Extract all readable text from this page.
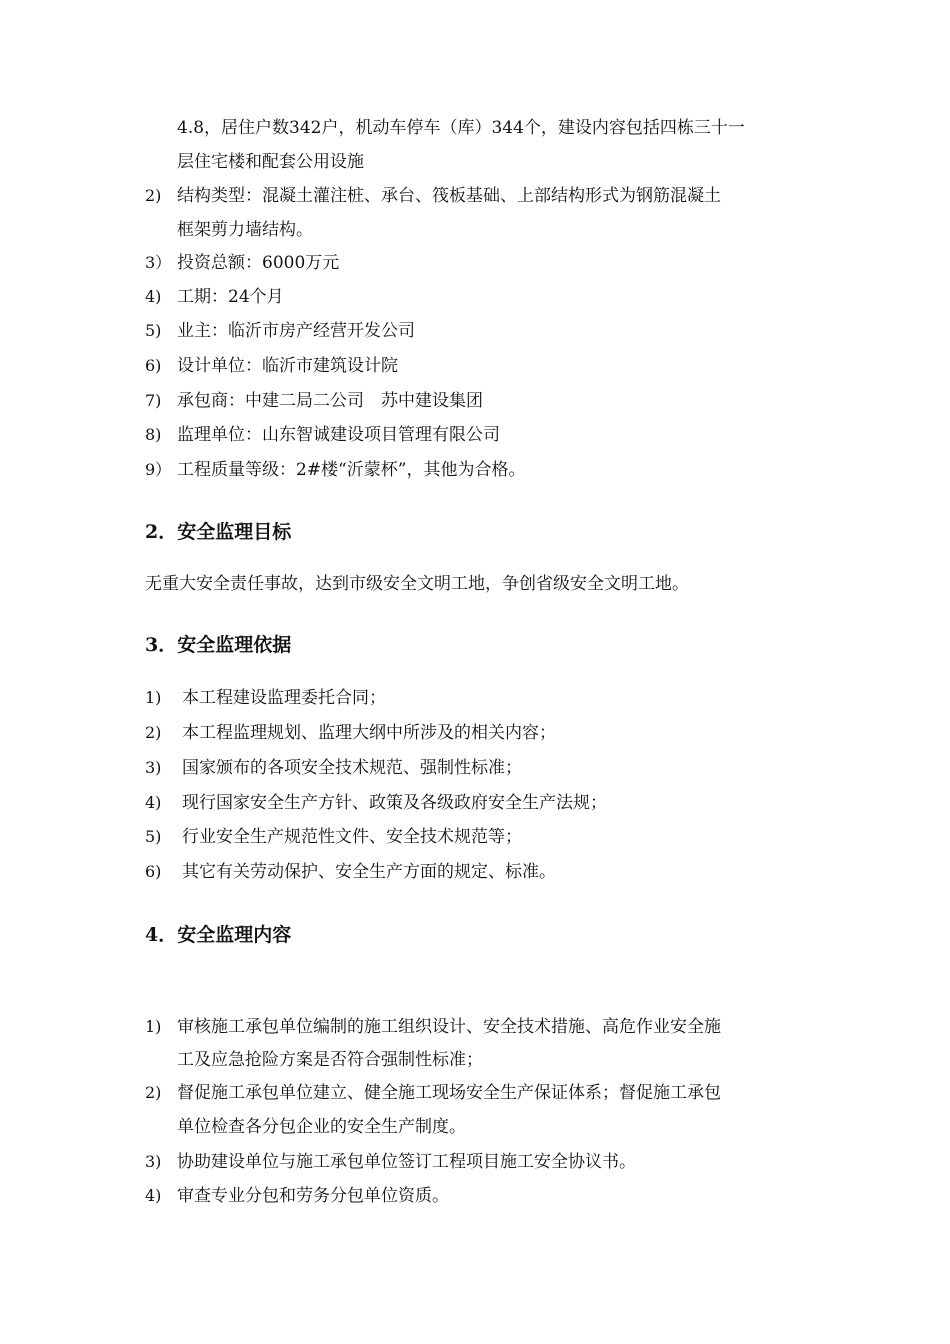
4.8，居住户数342户，机动车停车（库）344个，建设内容包括四栋三十一
层住宅楼和配套公用设施
2) 结构类型：混凝土灌注桩、承台、筏板基础、上部结构形式为钢筋混凝土
框架剪力墙结构。
3） 投资总额：6000万元
4) 工期：24个月
5) 业主：临沂市房产经营开发公司
6) 设计单位：临沂市建筑设计院
7) 承包商：中建二局二公司　苏中建设集团
8) 监理单位：山东智诚建设项目管理有限公司
9） 工程质量等级：2#楼“沂蒙杯”，其他为合格。
2．安全监理目标
无重大安全责任事故，达到市级安全文明工地，争创省级安全文明工地。
3．安全监理依据
1) 本工程建设监理委托合同；
2) 本工程监理规划、监理大纲中所涉及的相关内容；
3) 国家颁布的各项安全技术规范、强制性标准；
4) 现行国家安全生产方针、政策及各级政府安全生产法规；
5) 行业安全生产规范性文件、安全技术规范等；
6) 其它有关劳动保护、安全生产方面的规定、标准。
4．安全监理内容
1) 审核施工承包单位编制的施工组织设计、安全技术措施、高危作业安全施
工及应急抢险方案是否符合强制性标准；
2) 督促施工承包单位建立、健全施工现场安全生产保证体系；督促施工承包
单位检查各分包企业的安全生产制度。
3) 协助建设单位与施工承包单位签订工程项目施工安全协议书。
4) 审查专业分包和劳务分包单位资质。
